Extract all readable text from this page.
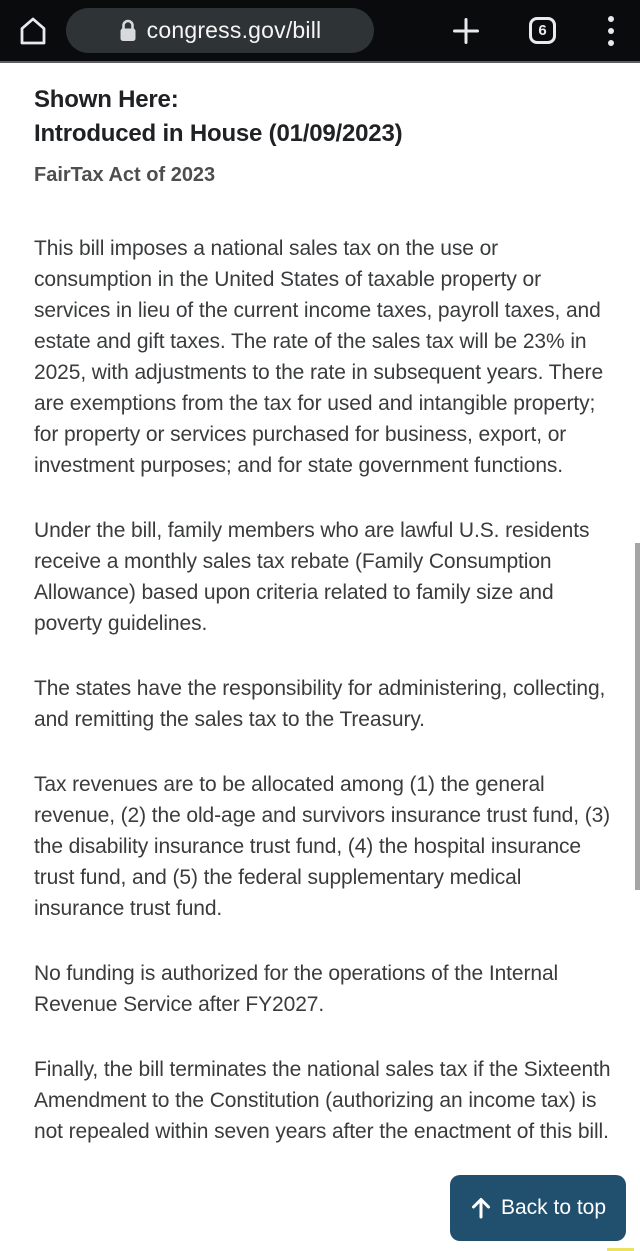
congress.gov/bill	6
Shown Here:
Introduced in House (01/09/2023)
FairTax Act of 2023

This bill imposes a national sales tax on the use or consumption in the United States of taxable property or services in lieu of the current income taxes, payroll taxes, and estate and gift taxes. The rate of the sales tax will be 23% in 2025, with adjustments to the rate in subsequent years. There are exemptions from the tax for used and intangible property; for property or services purchased for business, export, or investment purposes; and for state government functions.

Under the bill, family members who are lawful U.S. residents receive a monthly sales tax rebate (Family Consumption Allowance) based upon criteria related to family size and poverty guidelines.

The states have the responsibility for administering, collecting, and remitting the sales tax to the Treasury.

Tax revenues are to be allocated among (1) the general revenue, (2) the old-age and survivors insurance trust fund, (3) the disability insurance trust fund, (4) the hospital insurance trust fund, and (5) the federal supplementary medical insurance trust fund.

No funding is authorized for the operations of the Internal Revenue Service after FY2027.

Finally, the bill terminates the national sales tax if the Sixteenth Amendment to the Constitution (authorizing an income tax) is not repealed within seven years after the enactment of this bill.

Back to top
